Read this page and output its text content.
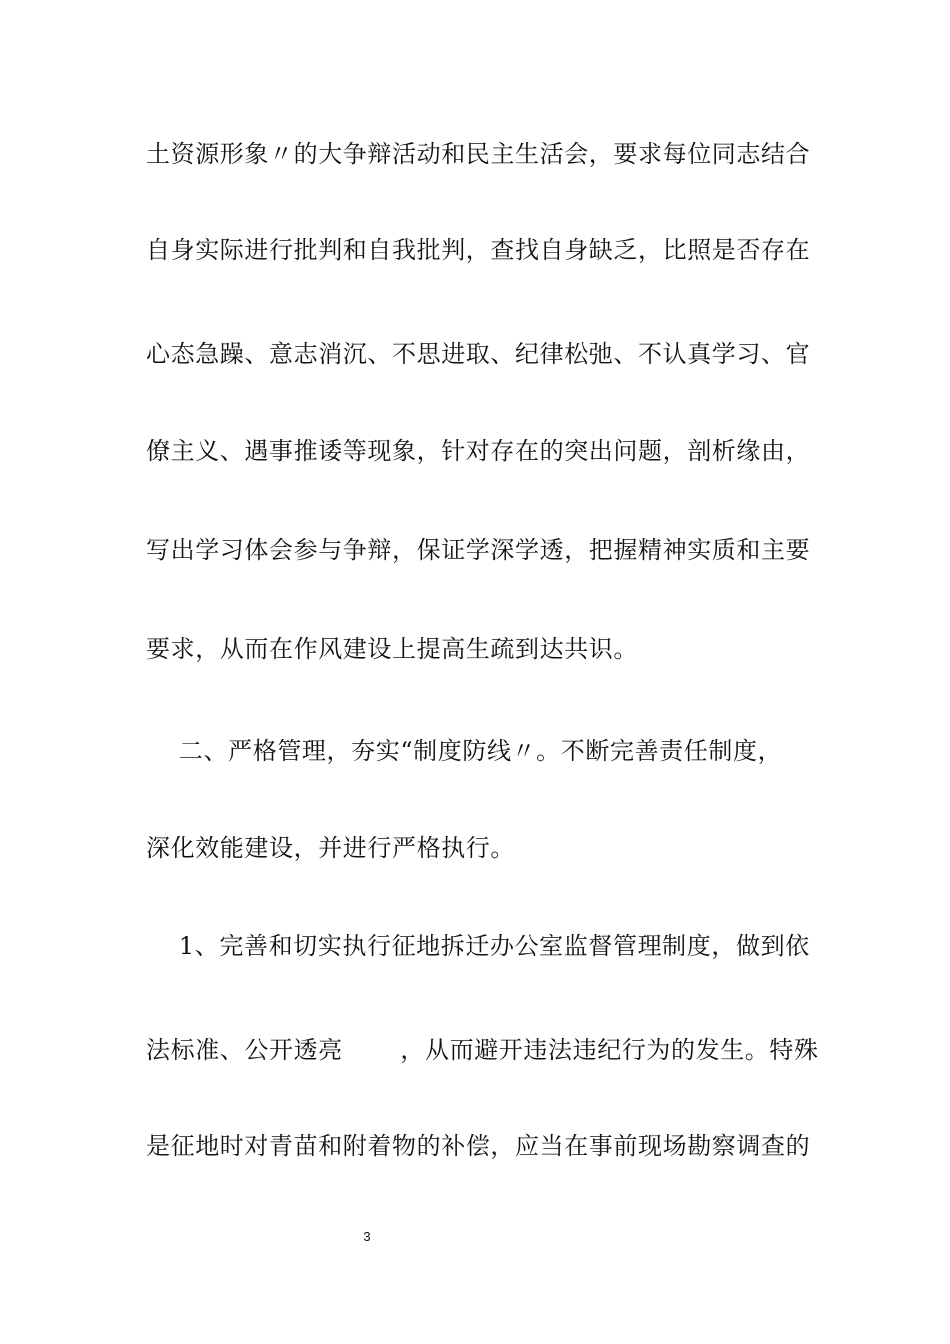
土资源形象〃的大争辩活动和民主生活会，要求每位同志结合
自身实际进行批判和自我批判，查找自身缺乏，比照是否存在
心态急躁、意志消沉、不思进取、纪律松弛、不认真学习、官
僚主义、遇事推诿等现象，针对存在的突出问题，剖析缘由，
写出学习体会参与争辩，保证学深学透，把握精神实质和主要
要求，从而在作风建设上提高生疏到达共识。
二、严格管理，夯实“制度防线〃。不断完善责任制度，
深化效能建设，并进行严格执行。
1、完善和切实执行征地拆迁办公室监督管理制度，做到依
法标准、公开透亮       ，从而避开违法违纪行为的发生。特殊
是征地时对青苗和附着物的补偿，应当在事前现场勘察调查的
3
